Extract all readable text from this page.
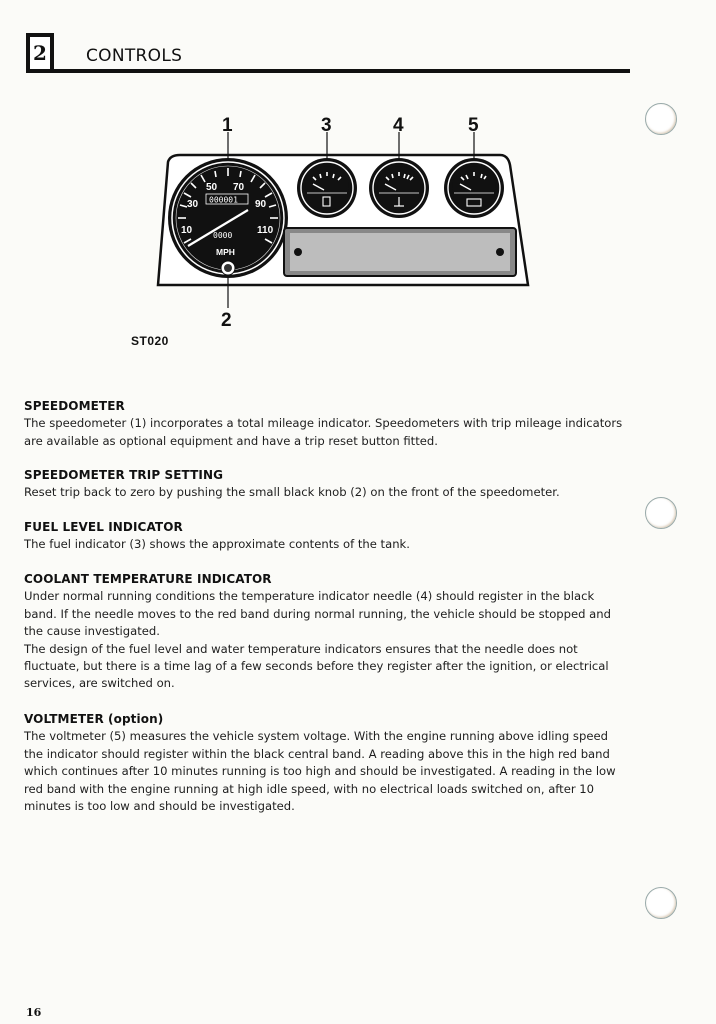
2 CONTROLS
50 70
30	90
10	110
MPH
000001
0000
1
2
3	4	5
ST020
SPEEDOMETER

The speedometer (1) incorporates a total mileage indicator. Speedometers with trip mileage indicators are available as optional equipment and have a trip reset button fitted.

SPEEDOMETER TRIP SETTING

Reset trip back to zero by pushing the small black knob (2) on the front of the speedometer.

FUEL LEVEL INDICATOR

The fuel indicator (3) shows the approximate contents of the tank.

COOLANT TEMPERATURE INDICATOR

Under normal running conditions the temperature indicator needle (4) should register in the black band. If the needle moves to the red band during normal running, the vehicle should be stopped and the cause investigated.

The design of the fuel level and water temperature indicators ensures that the needle does not fluctuate, but there is a time lag of a few seconds before they register after the ignition, or electrical services, are switched on.

VOLTMETER (option)

The voltmeter (5) measures the vehicle system voltage. With the engine running above idling speed the indicator should register within the black central band. A reading above this in the high red band which continues after 10 minutes running is too high and should be investigated. A reading in the low red band with the engine running at high idle speed, with no electrical loads switched on, after 10 minutes is too low and should be investigated.

16
